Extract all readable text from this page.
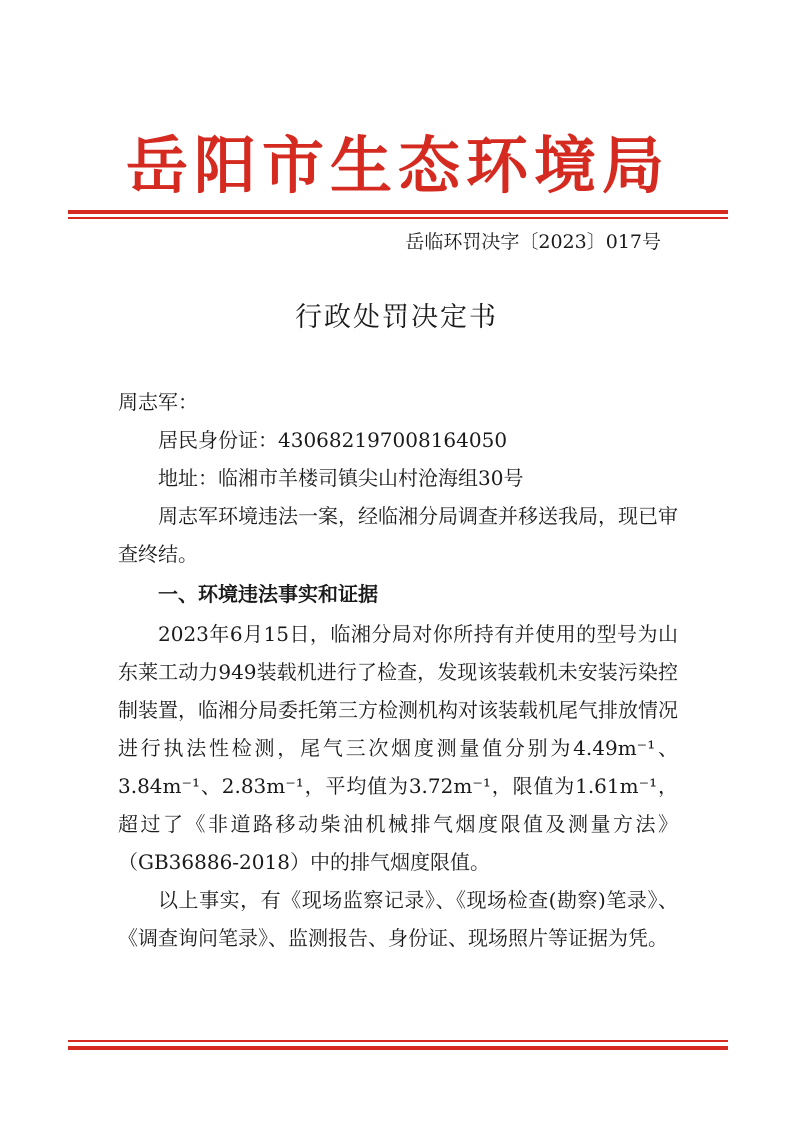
岳阳市生态环境局
岳临环罚决字〔2023〕017号
行政处罚决定书
周志军：
居民身份证：430682197008164050
地址：临湘市羊楼司镇尖山村沧海组30号

周志军环境违法一案，经临湘分局调查并移送我局，现已审查终结。

一、环境违法事实和证据

2023年6月15日，临湘分局对你所持有并使用的型号为山东莱工动力949装载机进行了检查，发现该装载机未安装污染控制装置，临湘分局委托第三方检测机构对该装载机尾气排放情况进行执法性检测，尾气三次烟度测量值分别为4.49m⁻¹、3.84m⁻¹、2.83m⁻¹，平均值为3.72m⁻¹，限值为1.61m⁻¹，超过了《非道路移动柴油机械排气烟度限值及测量方法》（GB36886-2018）中的排气烟度限值。

以上事实，有《现场监察记录》、《现场检查(勘察)笔录》、《调查询问笔录》、监测报告、身份证、现场照片等证据为凭。
